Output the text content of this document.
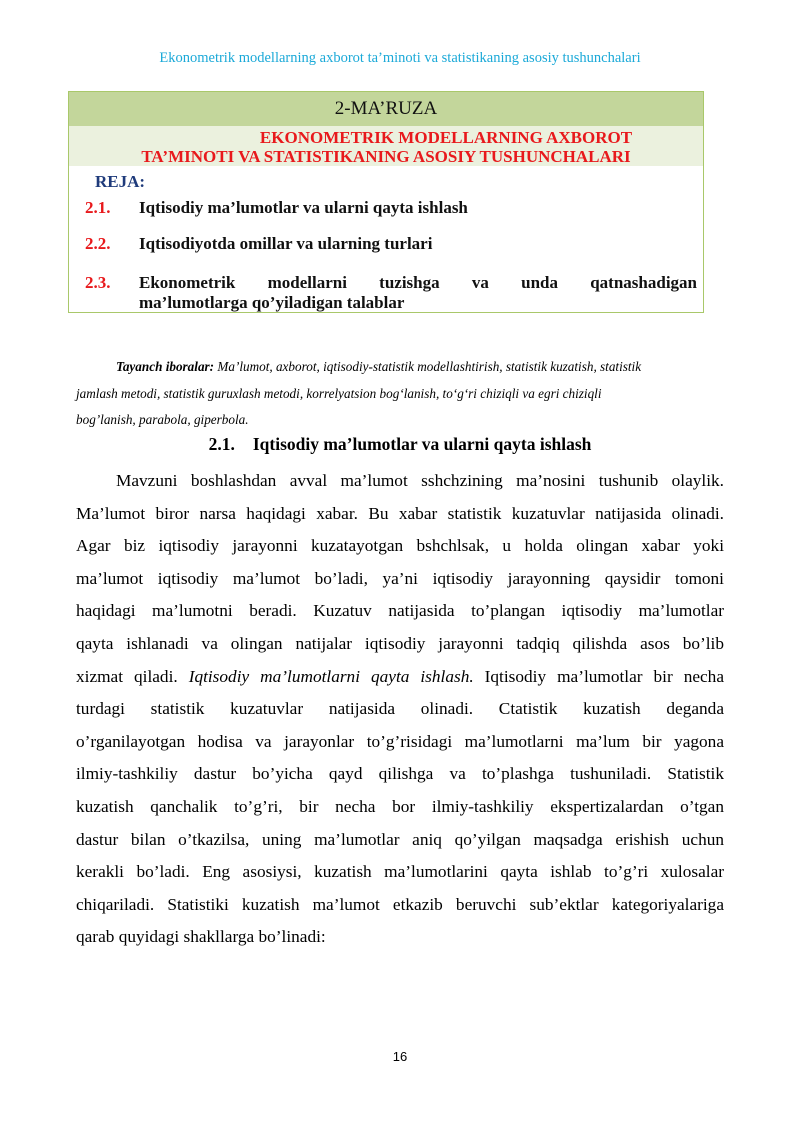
Ekonometrik modellarning axborot ta’minoti va statistikaning asosiy tushunchalari
2-MA’RUZA
EKONOMETRIK MODELLARNING AXBOROT
TA’MINOTI VA STATISTIKANING ASOSIY TUSHUNCHALARI
REJA:
2.1.	Iqtisodiy ma’lumotlar va ularni qayta ishlash
2.2.	Iqtisodiyotda omillar va ularning turlari
2.3.	Ekonometrik modellarni tuzishga va unda qatnashadigan
ma’lumotlarga qo’yiladigan talablar
Tayanch iboralar: Ma’lumot, axborot, iqtisodiy-statistik modellashtirish, statistik kuzatish, statistik
jamlash metodi, statistik guruxlash metodi, korrelyatsion bog‘lanish, to‘g‘ri chiziqli va egri chiziqli
bog’lanish, parabola, giperbola.
2.1. Iqtisodiy ma’lumotlar va ularni qayta ishlash
Mavzuni boshlashdan avval ma’lumot sshchzining ma’nosini tushunib olaylik.
Ma’lumot biror narsa haqidagi xabar. Bu xabar statistik kuzatuvlar natijasida olinadi.
Agar biz iqtisodiy jarayonni kuzatayotgan bshchlsak, u holda olingan xabar yoki
ma’lumot iqtisodiy ma’lumot bo’ladi, ya’ni iqtisodiy jarayonning qaysidir tomoni
haqidagi ma’lumotni beradi. Kuzatuv natijasida to’plangan iqtisodiy ma’lumotlar
qayta ishlanadi va olingan natijalar iqtisodiy jarayonni tadqiq qilishda asos bo’lib
xizmat qiladi. Iqtisodiy ma’lumotlarni qayta ishlash. Iqtisodiy ma’lumotlar bir necha
turdagi statistik kuzatuvlar natijasida olinadi. Ctatistik kuzatish deganda
o’rganilayotgan hodisa va jarayonlar to’g’risidagi ma’lumotlarni ma’lum bir yagona
ilmiy-tashkiliy dastur bo’yicha qayd qilishga va to’plashga tushuniladi. Statistik
kuzatish qanchalik to’g’ri, bir necha bor ilmiy-tashkiliy ekspertizalardan o’tgan
dastur bilan o’tkazilsa, uning ma’lumotlar aniq qo’yilgan maqsadga erishish uchun
kerakli bo’ladi. Eng asosiysi, kuzatish ma’lumotlarini qayta ishlab to’g’ri xulosalar
chiqariladi. Statistiki kuzatish ma’lumot etkazib beruvchi sub’ektlar kategoriyalariga
qarab quyidagi shakllarga bo’linadi:
16
